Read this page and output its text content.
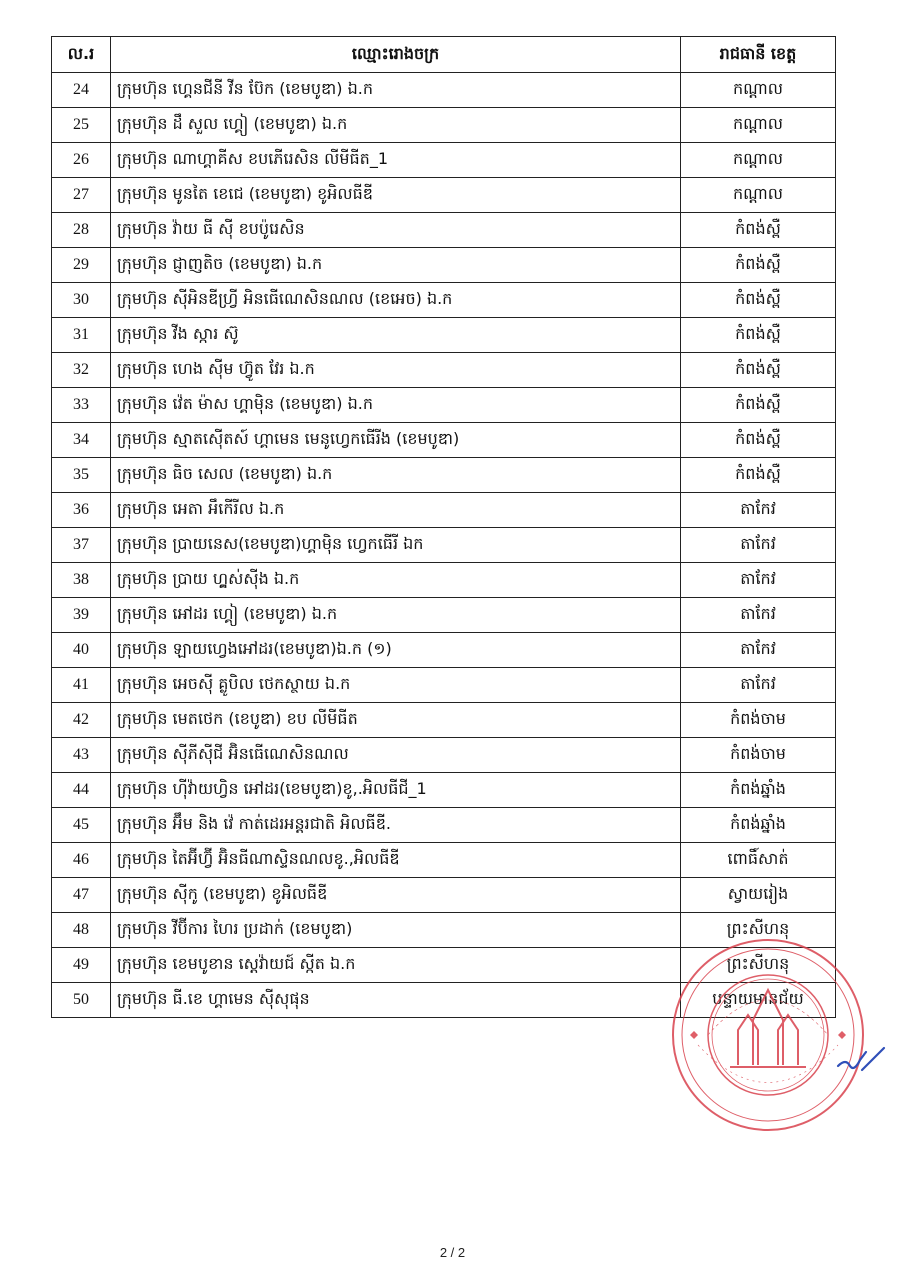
ល.រ	ឈ្មោះរោងចក្រ	រាជធានី ខេត្ត
24	ក្រុមហ៊ុន ហ្គេនជីនី វីន ប៊ែក (ខេមបូឌា) ឯ.ក	កណ្តាល
25	ក្រុមហ៊ុន ដឹ សួល ហ្គៀ (ខេមបូឌា) ឯ.ក	កណ្តាល
26	ក្រុមហ៊ុន ណាហ្គាគីស ខបភើរេសិន លីមីធីត_1	កណ្តាល
27	ក្រុមហ៊ុន មូនតៃ ខេជេ (ខេមបូឌា) ខូអិលធីឌី	កណ្តាល
28	ក្រុមហ៊ុន វ៉ាយ ធី ស៊ី ខបប៉ូរេសិន	កំពង់ស្ពឺ
29	ក្រុមហ៊ុន ជ្ញាញតិច (ខេមបូឌា) ឯ.ក	កំពង់ស្ពឺ
30	ក្រុមហ៊ុន ស៊ីអិនឌីហ្វ្រី អិនធើណេសិនណល (ខេអេច) ឯ.ក	កំពង់ស្ពឺ
31	ក្រុមហ៊ុន វីង ស្ការ ស៊ូ	កំពង់ស្ពឺ
32	ក្រុមហ៊ុន ហេង ស៊ីម ហ៊្វូត វែរ ឯ.ក	កំពង់ស្ពឺ
33	ក្រុមហ៊ុន វ៉េត ម៉ាស ហ្គាម៉ិន (ខេមបូឌា) ឯ.ក	កំពង់ស្ពឺ
34	ក្រុមហ៊ុន ស្មាតស៊ើតស៍ ហ្គាមេន មេនូហ្វេកធើរីង (ខេមបូឌា)	កំពង់ស្ពឺ
35	ក្រុមហ៊ុន ធិច សេល (ខេមបូឌា) ឯ.ក	កំពង់ស្ពឺ
36	ក្រុមហ៊ុន អេតា អឹកើរីល ឯ.ក	តាកែវ
37	ក្រុមហ៊ុន ប្រាយនេស(ខេមបូឌា)ហ្គាម៉ិន ហ្វេកធើរី ឯក	តាកែវ
38	ក្រុមហ៊ុន ប្រាយ ហ្គ្លស់ស៊ីង ឯ.ក	តាកែវ
39	ក្រុមហ៊ុន អៅដរ ហ្គៀ (ខេមបូឌា) ឯ.ក	តាកែវ
40	ក្រុមហ៊ុន ឡាយហ្វេងអៅដរ(ខេមបូឌា)ឯ.ក (១)	តាកែវ
41	ក្រុមហ៊ុន អេចស៊ី គ្លូបិល ថេកស្ថាយ ឯ.ក	តាកែវ
42	ក្រុមហ៊ុន មេតថេក (ខេបូឌា) ខប លីមីធីត	កំពង់ចាម
43	ក្រុមហ៊ុន ស៊ីភីស៊ីជី អ៊ិនធើណេសិនណល	កំពង់ចាម
44	ក្រុមហ៊ុន ហ៉ីវ៉ាយហ្វិន អៅដរ(ខេមបូឌា)ខូ,.អិលធីជី_1	កំពង់ឆ្នាំង
45	ក្រុមហ៊ុន អ៊ឹម និង វ៉េ កាត់ដេរអន្តរជាតិ អិលធីឌី.	កំពង់ឆ្នាំង
46	ក្រុមហ៊ុន តៃអ៊ីហ្វ៊ី អ៊ិនធីណាស្ទិនណលខូ.,អិលធីឌី	ពោធិ៍សាត់
47	ក្រុមហ៊ុន ស៊ីកូ (ខេមបូឌា) ខូអិលធីឌី	ស្វាយរៀង
48	ក្រុមហ៊ុន វីប៊ីការ ហៃរ ប្រដាក់ (ខេមបូឌា)	ព្រះសីហនុ
49	ក្រុមហ៊ុន ខេមបូខាន ស្តេវ៉ាយជ៍ ស្កីត ឯ.ក	ព្រះសីហនុ
50	ក្រុមហ៊ុន ធី.ខេ ហ្គាមេន ស៊ីសុផុន	បន្ទាយមានជ័យ
2 / 2
